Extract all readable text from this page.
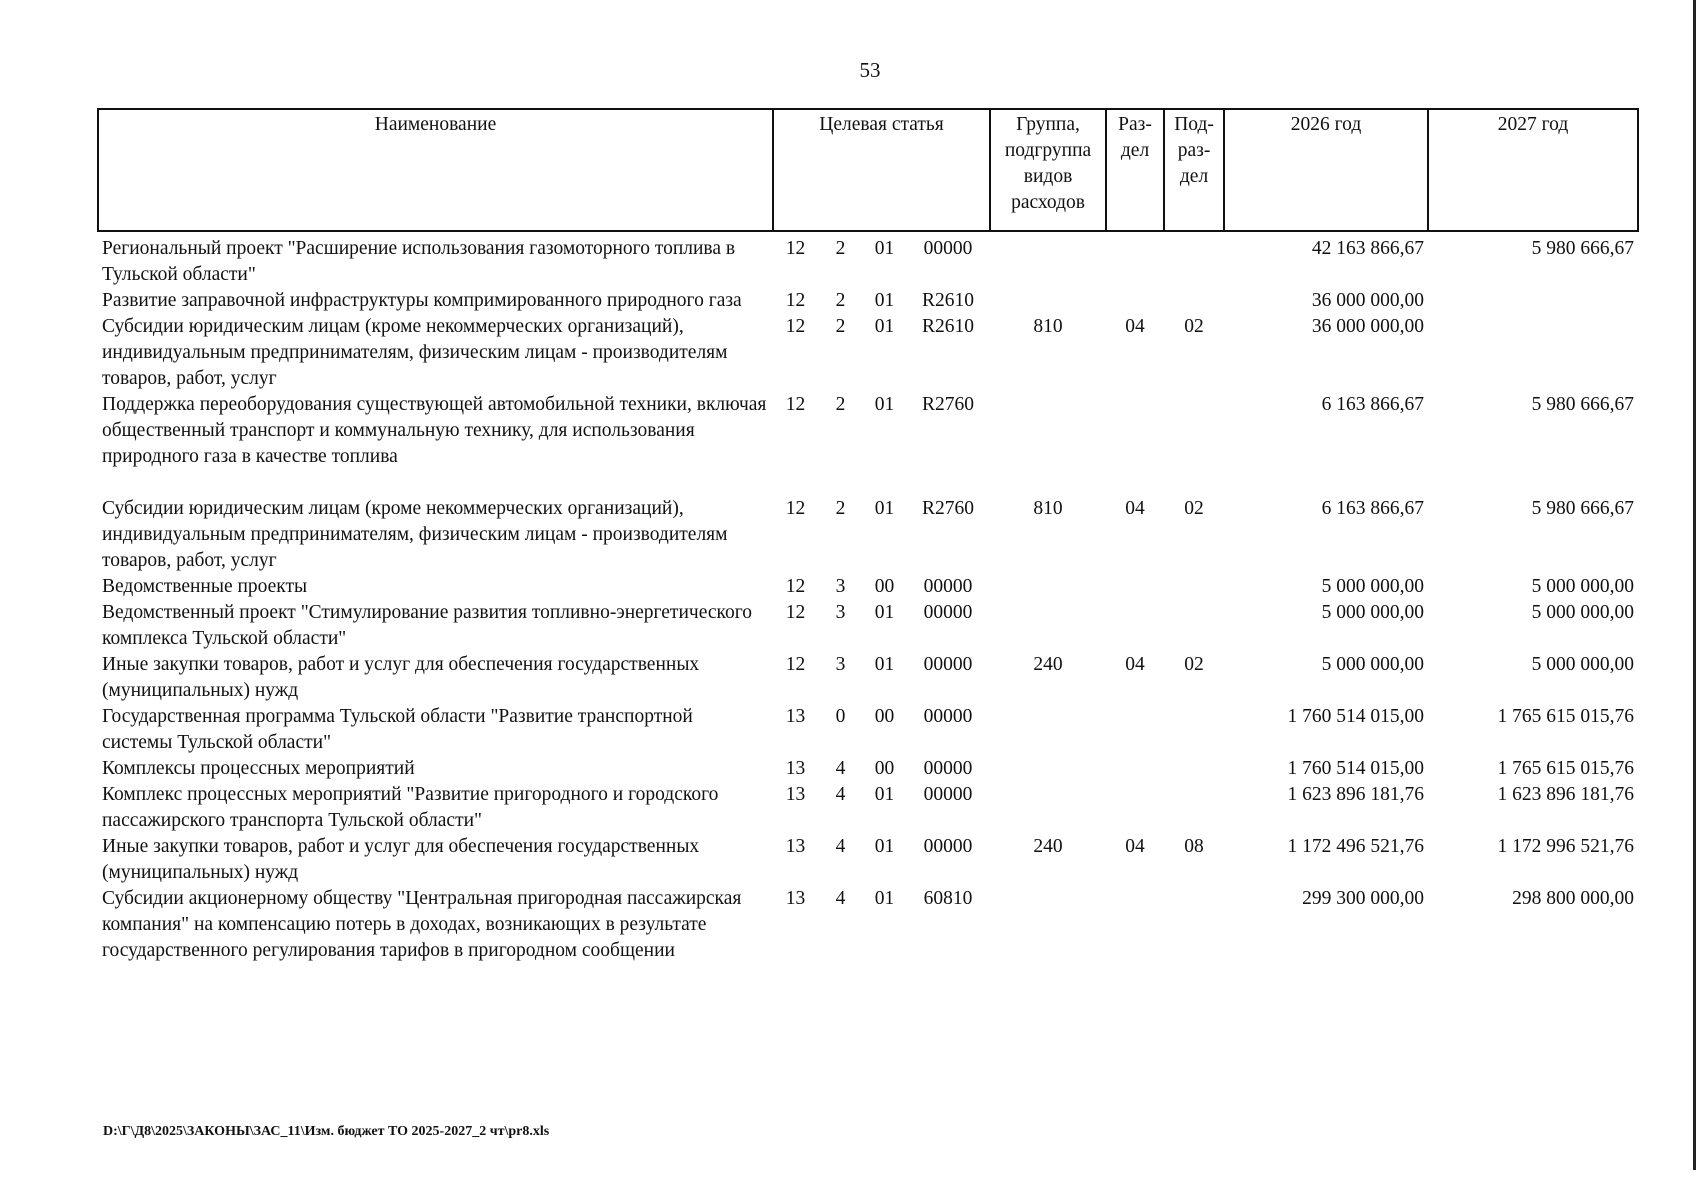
53
Наименование	Целевая статья				Группа, подгруппа видов расходов	Раз-дел	Под-раз-дел	2026 год	2027 год
Региональный проект "Расширение использования газомоторного топлива в Тульской области"	12	2	01	00000				42 163 866,67	5 980 666,67
Развитие заправочной инфраструктуры компримированного природного газа	12	2	01	R2610				36 000 000,00	
Субсидии юридическим лицам (кроме некоммерческих организаций), индивидуальным предпринимателям, физическим лицам - производителям товаров, работ, услуг	12	2	01	R2610	810	04	02	36 000 000,00	
Поддержка переоборудования существующей автомобильной техники, включая общественный транспорт и коммунальную технику, для использования природного газа в качестве топлива	12	2	01	R2760				6 163 866,67	5 980 666,67
Субсидии юридическим лицам (кроме некоммерческих организаций), индивидуальным предпринимателям, физическим лицам - производителям товаров, работ, услуг	12	2	01	R2760	810	04	02	6 163 866,67	5 980 666,67
Ведомственные проекты	12	3	00	00000				5 000 000,00	5 000 000,00
Ведомственный проект "Стимулирование развития топливно-энергетического комплекса Тульской области"	12	3	01	00000				5 000 000,00	5 000 000,00
Иные закупки товаров, работ и услуг для обеспечения государственных (муниципальных) нужд	12	3	01	00000	240	04	02	5 000 000,00	5 000 000,00
Государственная программа Тульской области "Развитие транспортной системы Тульской области"	13	0	00	00000				1 760 514 015,00	1 765 615 015,76
Комплексы процессных мероприятий	13	4	00	00000				1 760 514 015,00	1 765 615 015,76
Комплекс процессных мероприятий "Развитие пригородного и городского пассажирского транспорта Тульской области"	13	4	01	00000				1 623 896 181,76	1 623 896 181,76
Иные закупки товаров, работ и услуг для обеспечения государственных (муниципальных) нужд	13	4	01	00000	240	04	08	1 172 496 521,76	1 172 996 521,76
Субсидии акционерному обществу "Центральная пригородная пассажирская компания" на компенсацию потерь в доходах, возникающих в результате государственного регулирования тарифов в пригородном сообщении	13	4	01	60810				299 300 000,00	298 800 000,00
D:\Г\Д8\2025\ЗАКОНЫ\ЗАС_11\Изм. бюджет ТО 2025-2027_2 чт\pr8.xls
